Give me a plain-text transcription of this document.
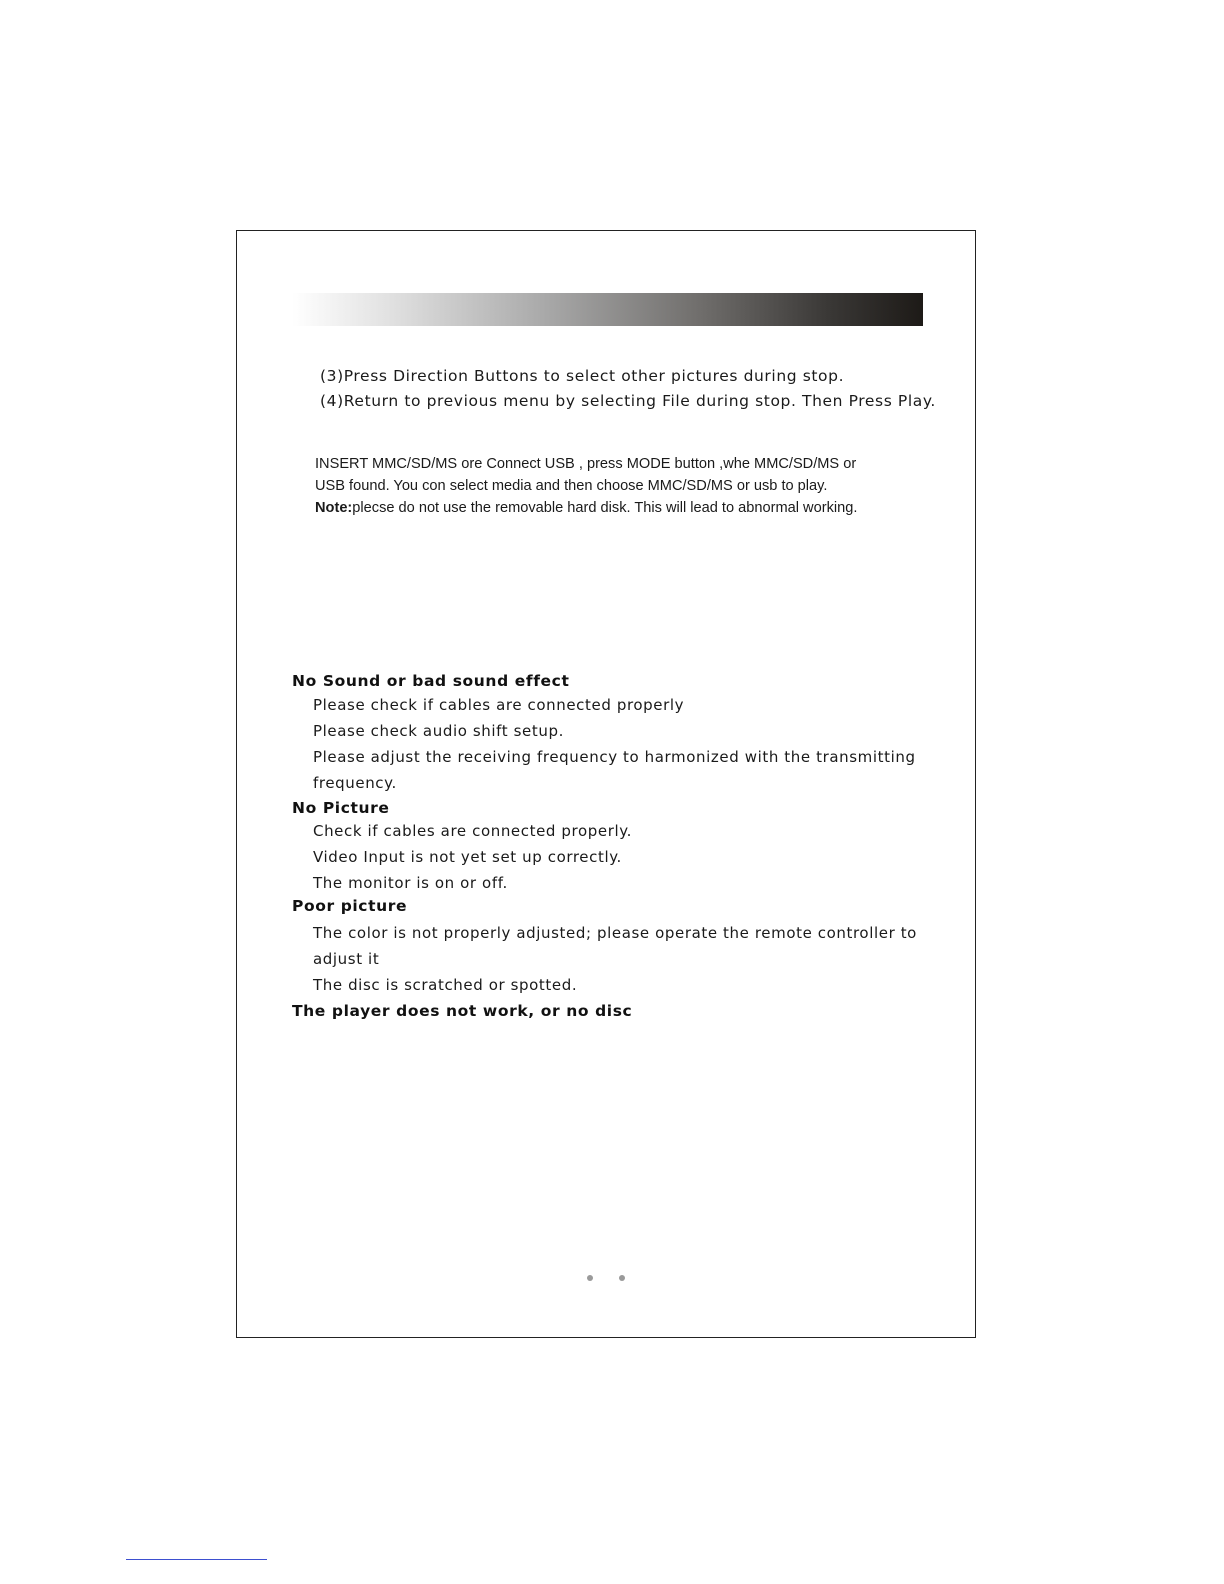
(3)Press Direction Buttons to select other pictures during stop.
(4)Return to previous menu by selecting File during stop. Then Press Play.
INSERT MMC/SD/MS ore Connect USB , press MODE button ,whe MMC/SD/MS or
USB found. You con select media and then choose MMC/SD/MS or usb to play.
Note:plecse do not use the removable hard disk. This will lead to abnormal working.
No Sound or bad sound effect
Please check if cables are connected properly
Please check audio shift setup.
Please adjust the receiving frequency to harmonized with the transmitting
frequency.
No Picture
Check if cables are connected properly.
Video Input is not yet set up correctly.
The monitor is on or off.
Poor picture
The color is not properly adjusted; please operate the remote controller to
adjust it
The disc is scratched or spotted.
The player does not work, or no disc
